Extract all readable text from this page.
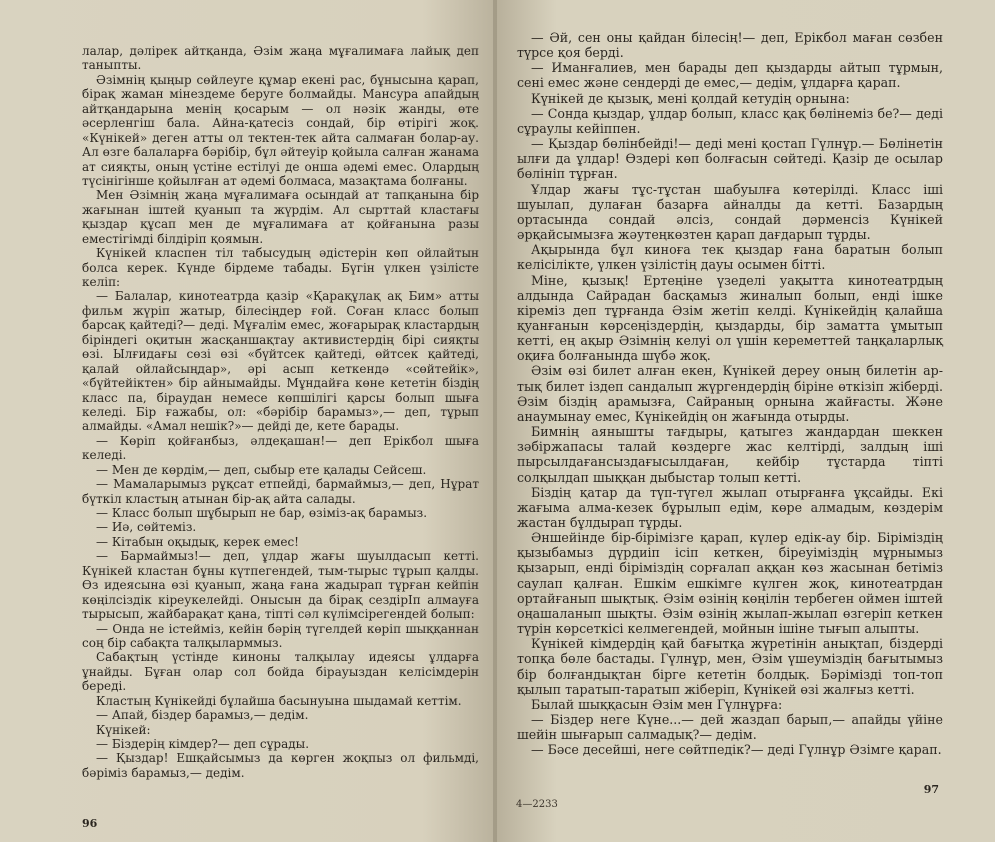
лалар, дәлірек айтқанда, Әзім жаңа мұғалимаға лайық деп таныпты.

Әзімнің қыңыр сөйлеуге құмар екені рас, бұнысына қарап, бірақ жаман мінездеме беруге болмайды. Мансура апайдың айтқандарына менің қосарым — ол нәзік жанды, өте әсерленгіш бала. Айна-қатесіз сондай, бір өтірігі жоқ. «Күнікей» деген атты ол тектен-тек айта салмаған болар-ау. Ал өзге балаларға бәрібір, бұл әйтеуір қойыла салған жанама ат сияқты, оның үстіне естілуі де онша әдемі емес. Олардың түсінігінше қойылған ат әдемі болмаса, мазақтама болғаны.

Мен Әзімнің жаңа мұғалимаға осындай ат тапқанына бір жағынан іштей қуанып та жүрдім. Ал сырттай кластағы қыздар құсап мен де мұғалимаға ат қойғанына разы еместігімді білдіріп қоямын.

Күнікей класпен тіл табысудың әдістерін көп ойлайтын болса керек. Күнде бірдеме табады. Бүгін үлкен үзілісте келіп:

— Балалар, кинотеатрда қазір «Қарақұлақ ақ Бим» атты фильм жүріп жатыр, білесіңдер ғой. Соған класс болып барсақ қайтеді?— деді. Мұғалім емес, жоғарырақ кластардың біріндегі оқитын жасқаншақтау активистердің бірі сияқты өзі. Ылғидағы сөзі өзі «бүйтсек қайтеді, өйтсек қайтеді, қалай ойлайсыңдар», әрі асып кеткендә «сөйтейік», «бүйтейіктен» бір айнымайды. Мұндайға көне кететін біздің класс па, біраудан немесе көпшілігі қарсы болып шыға келеді. Бір ғажабы, ол: «бәрібір барамыз»,— деп, тұрып алмайды. «Амал нешік?»— дейді де, кете барады.

— Көріп қойғанбыз, әлдеқашан!— деп Ерікбол шыға келеді.

— Мен де көрдім,— деп, сыбыр ете қалады Сейсеш.

— Мамаларымыз рұқсат етпейді, бармаймыз,— деп, Нұрат бүткіл кластың атынан бір-ақ айта салады.

— Класс болып шұбырып не бар, өзіміз-ақ барамыз.

— Иә, сөйтеміз.

— Кітабын оқыдық, керек емес!

— Бармаймыз!— деп, ұлдар жағы шуылдасып кетті. Күнікей кластан бұны күтпегендей, тым-тырыс тұрып қалды. Өз идеясына өзі қуанып, жаңа ғана жадырап тұрған кейпін көңілсіздік кіреукелейді. Онысын да бірақ сездірІп алмауға тырысып, жайбарақат қана, тіпті сәл күлімсірегендей болып:

— Онда не істейміз, кейін бәрің түгелдей көріп шыққаннан соң бір сабақта талқыларммыз.

Сабақтың үстінде киноны талқылау идеясы ұлдарға ұнайды. Бұған олар сол бойда бірауыздан келісімдерін береді.

Кластың Күнікейді бұлайша басынуына шыдамай кеттім.

— Апай, біздер барамыз,— дедім.

Күнікей:

— Біздерің кімдер?— деп сұрады.

— Қыздар! Ешқайсымыз да көрген жоқпыз ол фильмді, бәріміз барамыз,— дедім.

96

— Әй, сен оны қайдан білесің!— деп, Ерікбол маған сөзбен түрсе қоя берді.

— Иманғалиев, мен барады деп қыздарды айтып тұрмын, сені емес және сендерді де емес,— дедім, ұлдарға қарап.

Күнікей де қызық, мені қолдай кетудің орнына:

— Сонда қыздар, ұлдар болып, класс қақ бөлінеміз бе?— деді сұраулы кейіппен.

— Қыздар бөлінбейді!— деді мені қостап Гүлнұр.— Бөлінетін ылғи да ұлдар! Өздері көп болғасын сөйтеді. Қазір де осылар бөлініп тұрған.

Ұлдар жағы тұс-тұстан шабуылға көтерілді. Класс іші шуылап, дулаған базарға айналды да кетті. Базардың ортасында сондай әлсіз, сондай дәрменсіз Күнікей әрқайсымызға жәутеңкөзтен қарап дағдарып тұрды.

Ақырында бұл киноға тек қыздар ғана баратын болып келісілікте, үлкен үзілістің дауы осымен бітті.

Міне, қызық! Ертеңіне үзеделі уақытта кинотеатрдың алдында Сайрадан басқамыз жиналып болып, енді ішке кіреміз деп тұрғанда Әзім жетіп келді. Күнікейдің қалайша қуанғанын көрсеңіздердің, қыздарды, бір заматта ұмытып кетті, ең ақыр Әзімнің келуі ол үшін кереметтей таңқаларлық оқиға болғанында шүбә жоқ.

Әзім өзі билет алған екен, Күнікей дереу оның билетін ар-тық билет іздеп сандалып жүргендердің біріне өткізіп жіберді. Әзім біздің арамызға, Сайраның орнына жайғасты. Және анаумынау емес, Күнікейдің он жағында отырды.

Бимнің аянышты тағдыры, қатыгез жандардан шеккен зәбіржапасы талай көздерге жас келтірді, залдың іші пырсылдағансыздағысылдаған, кейбір тұстарда тіпті солқылдап шыққан дыбыстар толып кетті.

Біздің қатар да түп-түгел жылап отырғанға ұқсайды. Екі жағыма алма-кезек бұрылып едім, көре алмадым, көздерім жастан бұлдырап тұрды.

Әншейінде бір-бірімізге қарап, күлер едік-ау бір. Біріміздің қызыбамыз дүрдиіп ісіп кеткен, біреуіміздің мұрнымыз қызарып, енді біріміздің сорғалап аққан көз жасынан бетіміз саулап қалған. Ешкім ешкімге күлген жоқ, кинотеатрдан ортайғанып шықтық. Әзім өзінің көңілін тербеген оймен іштей оңашаланып шықты. Әзім өзінің жылап-жылап өзгеріп кеткен түрін көрсеткісі келмегендей, мойнын ішіне тығып алыпты.

Күнікей кімдердің қай бағытқа жүретінін анықтап, біздерді топқа бөле бастады. Гүлнұр, мен, Әзім үшеуміздің бағытымыз бір болғандықтан бірге кететін болдық. Бәрімізді топ-топ қылып таратып-таратып жіберіп, Күнікей өзі жалғыз кетті.

Былай шыққасын Әзім мен Гүлнұрға:

— Біздер неге Күне...— дей жаздап барып,— апайды үйіне шейін шығарып салмадық?— дедім.

— Бәсе десейші, неге сөйтпедік?— деді Гүлнұр Әзімге қарап.

97
4—2233
